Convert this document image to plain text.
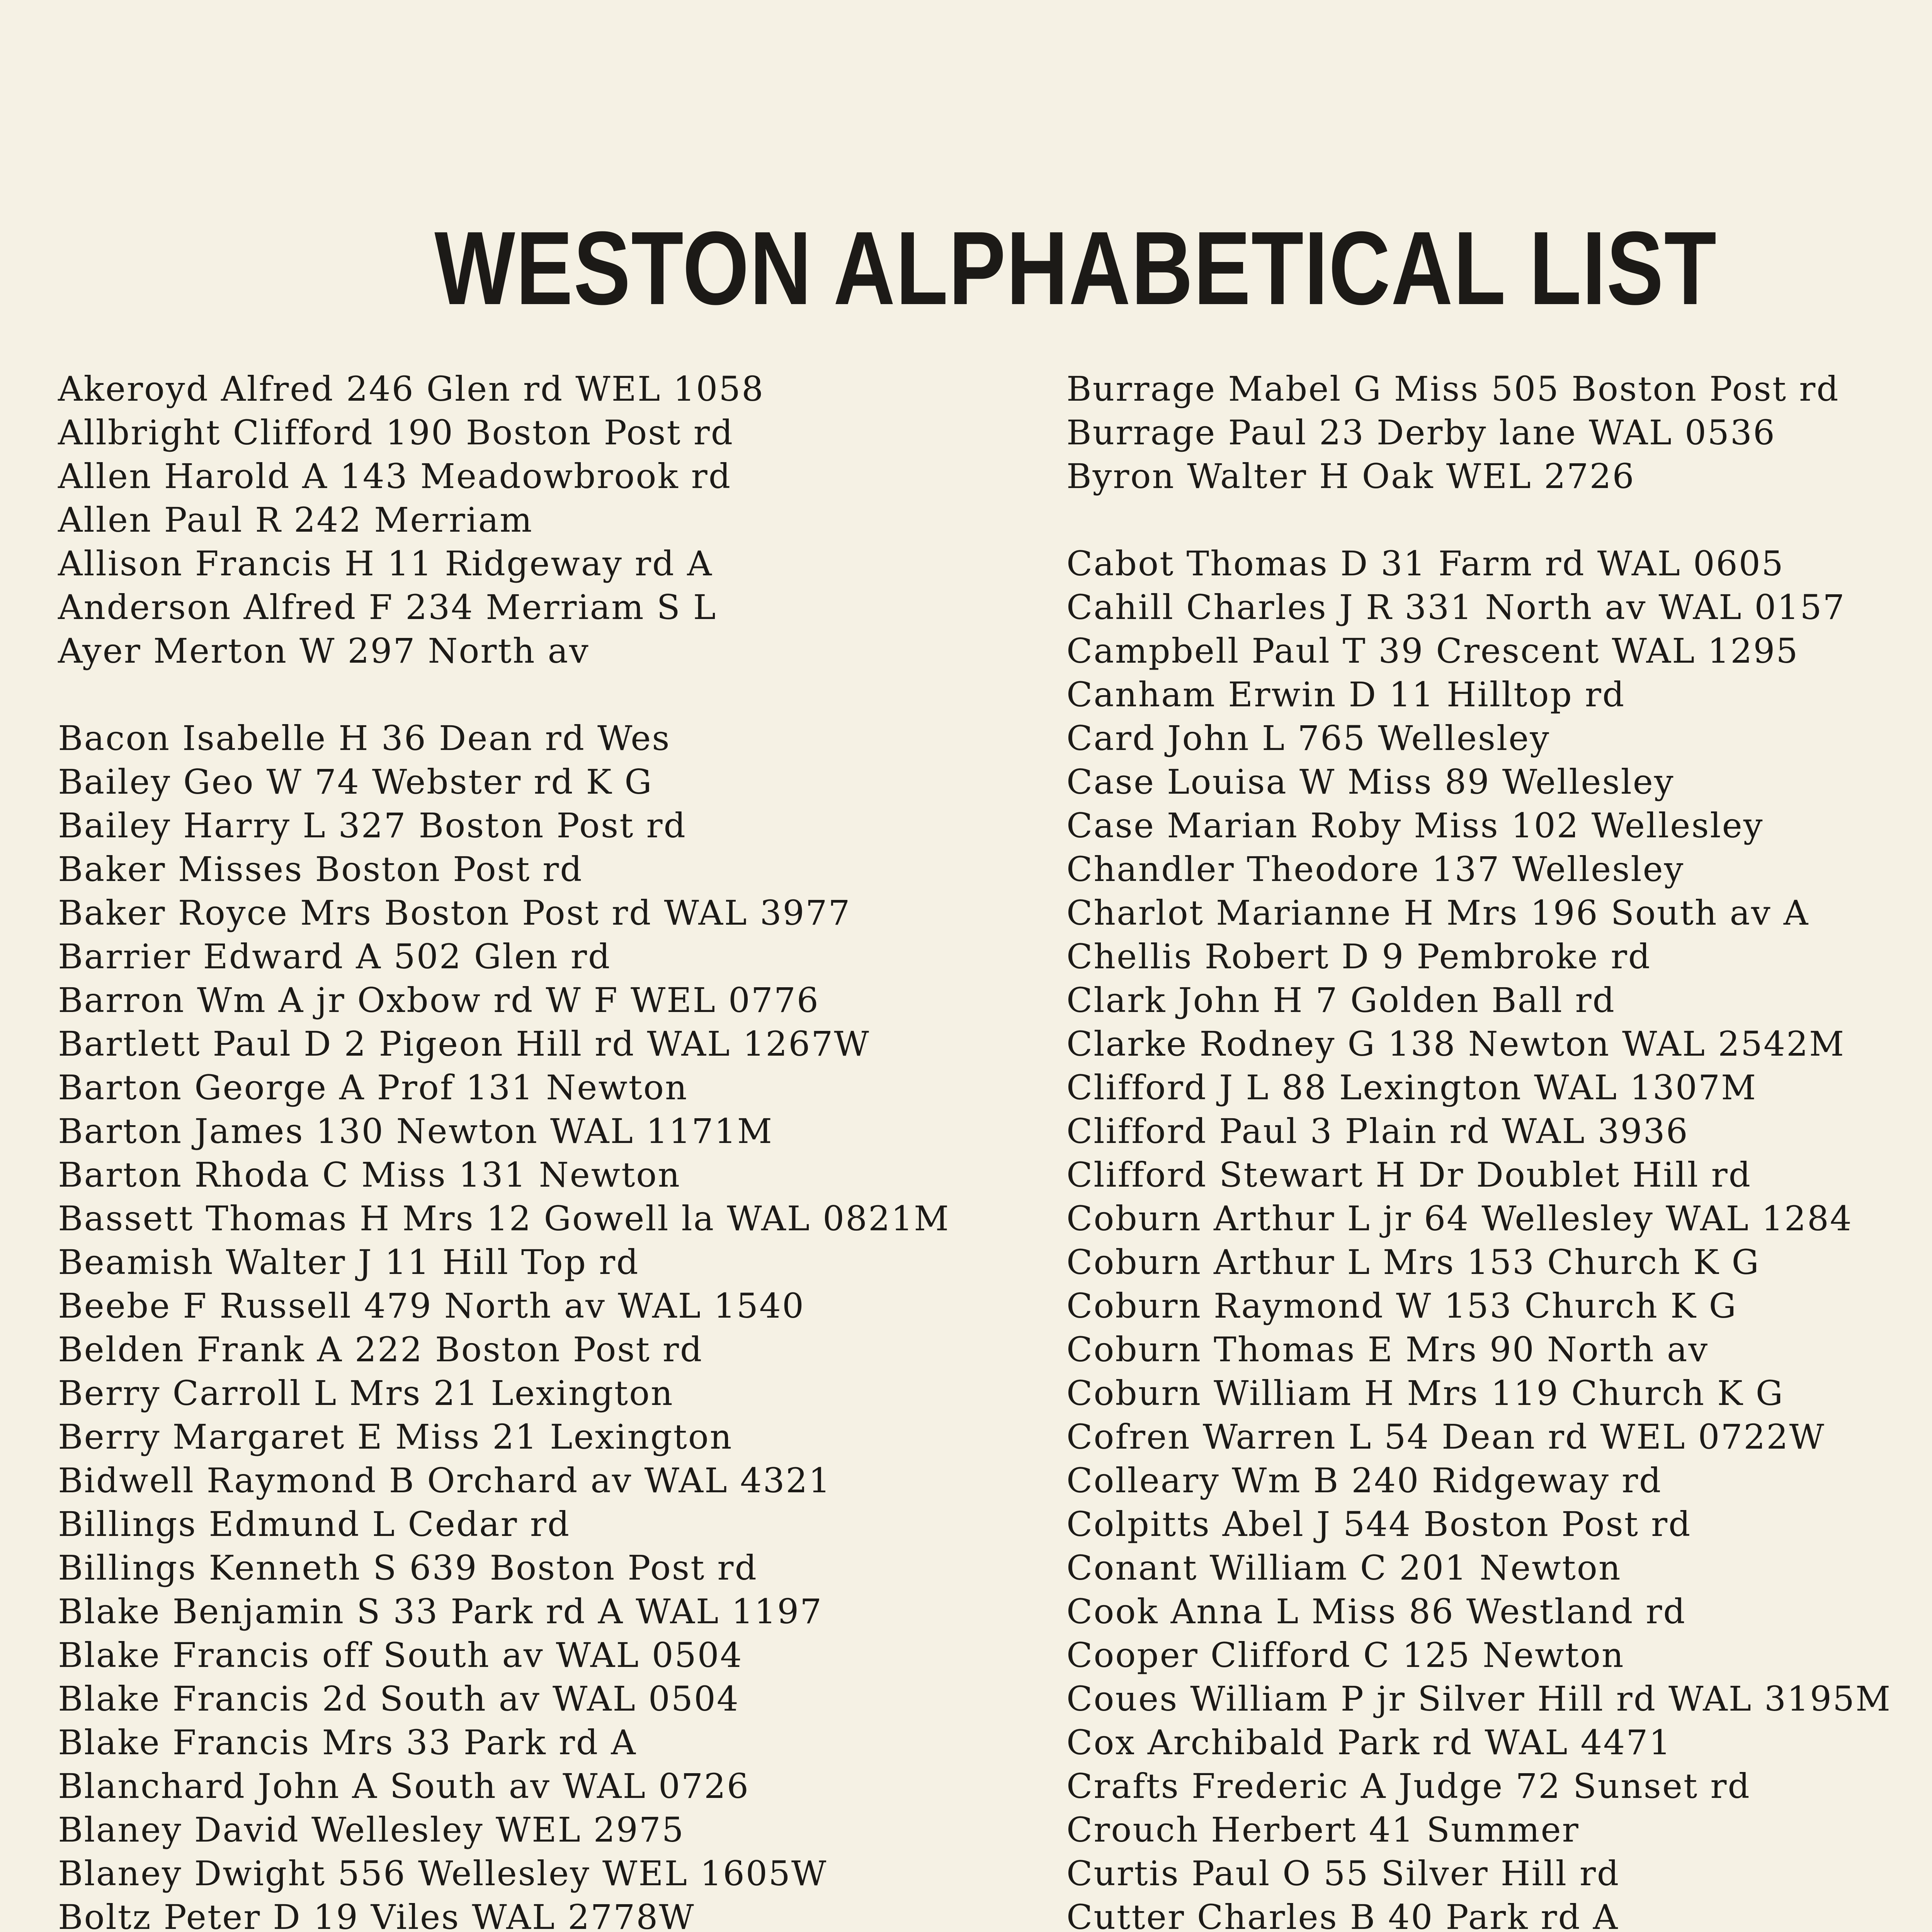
WESTON ALPHABETICAL LIST
Akeroyd Alfred 246 Glen rd WEL 1058
Allbright Clifford 190 Boston Post rd
Allen Harold A 143 Meadowbrook rd
Allen Paul R 242 Merriam
Allison Francis H 11 Ridgeway rd A
Anderson Alfred F 234 Merriam S L
Ayer Merton W 297 North av
Bacon Isabelle H 36 Dean rd Wes
Bailey Geo W 74 Webster rd K G
Bailey Harry L 327 Boston Post rd
Baker Misses Boston Post rd
Baker Royce Mrs Boston Post rd WAL 3977
Barrier Edward A 502 Glen rd
Barron Wm A jr Oxbow rd W F WEL 0776
Bartlett Paul D 2 Pigeon Hill rd WAL 1267W
Barton George A Prof 131 Newton
Barton James 130 Newton WAL 1171M
Barton Rhoda C Miss 131 Newton
Bassett Thomas H Mrs 12 Gowell la WAL 0821M
Beamish Walter J 11 Hill Top rd
Beebe F Russell 479 North av WAL 1540
Belden Frank A 222 Boston Post rd
Berry Carroll L Mrs 21 Lexington
Berry Margaret E Miss 21 Lexington
Bidwell Raymond B Orchard av WAL 4321
Billings Edmund L Cedar rd
Billings Kenneth S 639 Boston Post rd
Blake Benjamin S 33 Park rd A WAL 1197
Blake Francis off South av WAL 0504
Blake Francis 2d South av WAL 0504
Blake Francis Mrs 33 Park rd A
Blanchard John A South av WAL 0726
Blaney David Wellesley WEL 2975
Blaney Dwight 556 Wellesley WEL 1605W
Boltz Peter D 19 Viles WAL 2778W
Burrage Mabel G Miss 505 Boston Post rd
Burrage Paul 23 Derby lane WAL 0536
Byron Walter H Oak WEL 2726
Cabot Thomas D 31 Farm rd WAL 0605
Cahill Charles J R 331 North av WAL 0157
Campbell Paul T 39 Crescent WAL 1295
Canham Erwin D 11 Hilltop rd
Card John L 765 Wellesley
Case Louisa W Miss 89 Wellesley
Case Marian Roby Miss 102 Wellesley
Chandler Theodore 137 Wellesley
Charlot Marianne H Mrs 196 South av A
Chellis Robert D 9 Pembroke rd
Clark John H 7 Golden Ball rd
Clarke Rodney G 138 Newton WAL 2542M
Clifford J L 88 Lexington WAL 1307M
Clifford Paul 3 Plain rd WAL 3936
Clifford Stewart H Dr Doublet Hill rd
Coburn Arthur L jr 64 Wellesley WAL 1284
Coburn Arthur L Mrs 153 Church K G
Coburn Raymond W 153 Church K G
Coburn Thomas E Mrs 90 North av
Coburn William H Mrs 119 Church K G
Cofren Warren L 54 Dean rd WEL 0722W
Colleary Wm B 240 Ridgeway rd
Colpitts Abel J 544 Boston Post rd
Conant William C 201 Newton
Cook Anna L Miss 86 Westland rd
Cooper Clifford C 125 Newton
Coues William P jr Silver Hill rd WAL 3195M
Cox Archibald Park rd WAL 4471
Crafts Frederic A Judge 72 Sunset rd
Crouch Herbert 41 Summer
Curtis Paul O 55 Silver Hill rd
Cutter Charles B 40 Park rd A
